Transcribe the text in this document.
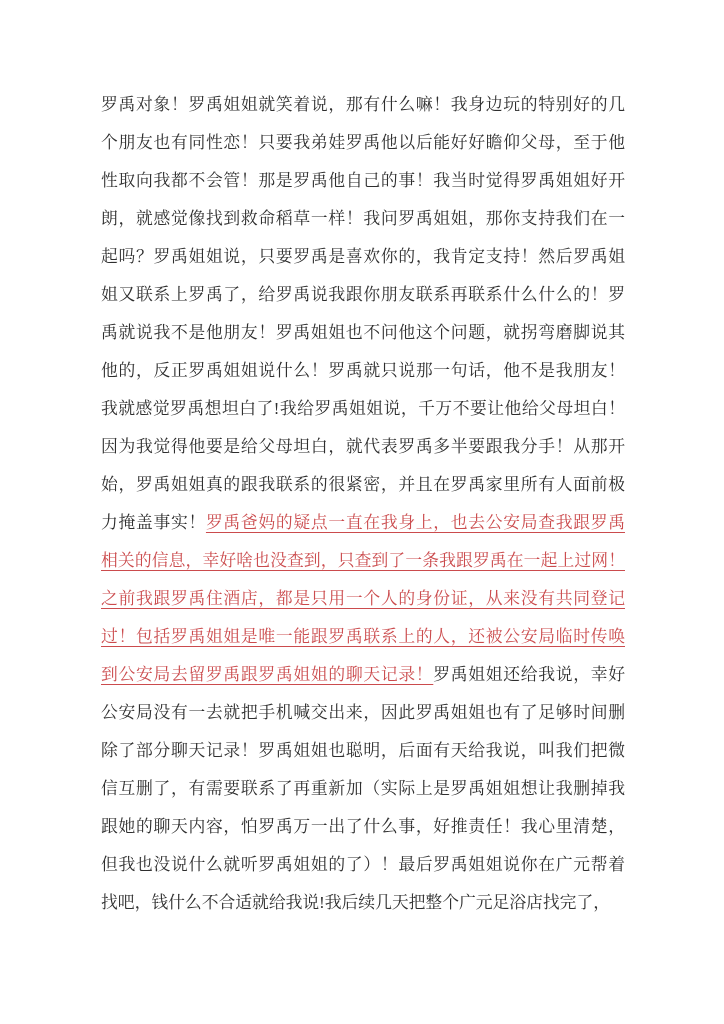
罗禹对象！罗禹姐姐就笑着说，那有什么嘛！我身边玩的特别好的几
个朋友也有同性恋！只要我弟娃罗禹他以后能好好瞻仰父母，至于他
性取向我都不会管！那是罗禹他自己的事！我当时觉得罗禹姐姐好开
朗，就感觉像找到救命稻草一样！我问罗禹姐姐，那你支持我们在一
起吗？罗禹姐姐说，只要罗禹是喜欢你的，我肯定支持！然后罗禹姐
姐又联系上罗禹了，给罗禹说我跟你朋友联系再联系什么什么的！罗
禹就说我不是他朋友！罗禹姐姐也不问他这个问题，就拐弯磨脚说其
他的，反正罗禹姐姐说什么！罗禹就只说那一句话，他不是我朋友！
我就感觉罗禹想坦白了!我给罗禹姐姐说，千万不要让他给父母坦白！
因为我觉得他要是给父母坦白，就代表罗禹多半要跟我分手！从那开
始，罗禹姐姐真的跟我联系的很紧密，并且在罗禹家里所有人面前极
力掩盖事实！罗禹爸妈的疑点一直在我身上，也去公安局查我跟罗禹
相关的信息，幸好啥也没查到，只查到了一条我跟罗禹在一起上过网！
之前我跟罗禹住酒店，都是只用一个人的身份证，从来没有共同登记
过！包括罗禹姐姐是唯一能跟罗禹联系上的人，还被公安局临时传唤
到公安局去留罗禹跟罗禹姐姐的聊天记录！罗禹姐姐还给我说，幸好
公安局没有一去就把手机喊交出来，因此罗禹姐姐也有了足够时间删
除了部分聊天记录！罗禹姐姐也聪明，后面有天给我说，叫我们把微
信互删了，有需要联系了再重新加（实际上是罗禹姐姐想让我删掉我
跟她的聊天内容，怕罗禹万一出了什么事，好推责任！我心里清楚，
但我也没说什么就听罗禹姐姐的了）！最后罗禹姐姐说你在广元帮着
找吧，钱什么不合适就给我说!我后续几天把整个广元足浴店找完了，
